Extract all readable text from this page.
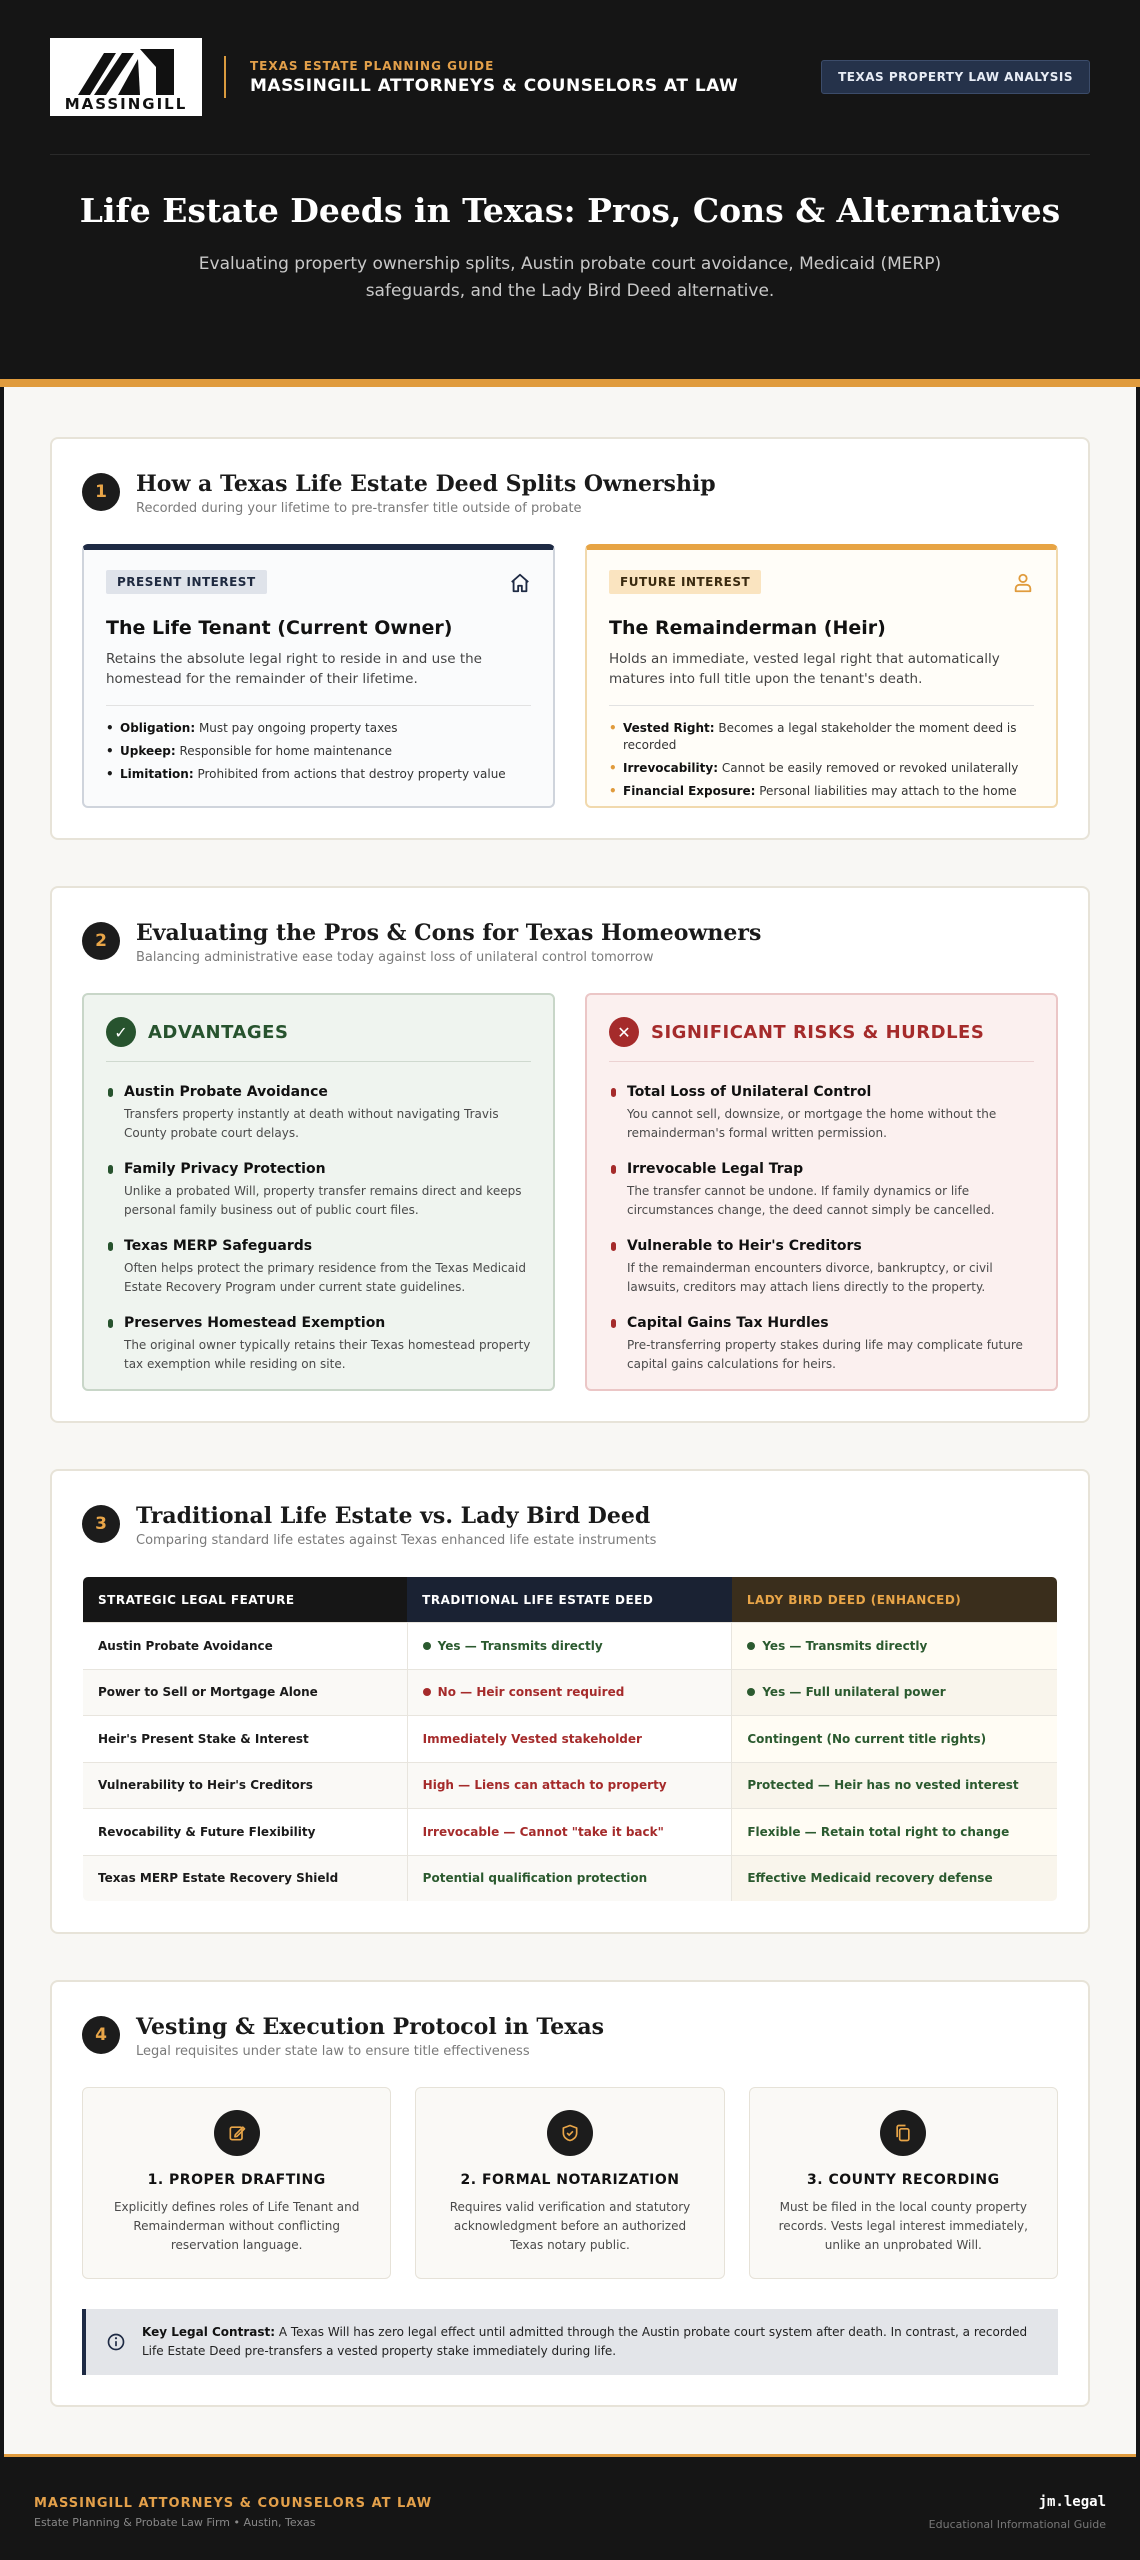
MASSINGILL
TEXAS ESTATE PLANNING GUIDE
MASSINGILL ATTORNEYS & COUNSELORS AT LAW	TEXAS PROPERTY LAW ANALYSIS
Life Estate Deeds in Texas: Pros, Cons & Alternatives

Evaluating property ownership splits, Austin probate court avoidance, Medicaid (MERP) safeguards, and the Lady Bird Deed alternative.

1	How a Texas Life Estate Deed Splits Ownership
Recorded during your lifetime to pre-transfer title outside of probate
PRESENT INTEREST
The Life Tenant (Current Owner)

Retains the absolute legal right to reside in and use the homestead for the remainder of their lifetime.

• Obligation: Must pay ongoing property taxes
• Upkeep: Responsible for home maintenance
• Limitation: Prohibited from actions that destroy property value
FUTURE INTEREST
The Remainderman (Heir)

Holds an immediate, vested legal right that automatically matures into full title upon the tenant's death.

• Vested Right: Becomes a legal stakeholder the moment deed is recorded
• Irrevocability: Cannot be easily removed or revoked unilaterally
• Financial Exposure: Personal liabilities may attach to the home
2	Evaluating the Pros & Cons for Texas Homeowners
Balancing administrative ease today against loss of unilateral control tomorrow
✓	ADVANTAGES
Austin Probate Avoidance

Transfers property instantly at death without navigating Travis County probate court delays.

Family Privacy Protection

Unlike a probated Will, property transfer remains direct and keeps personal family business out of public court files.

Texas MERP Safeguards

Often helps protect the primary residence from the Texas Medicaid Estate Recovery Program under current state guidelines.

Preserves Homestead Exemption

The original owner typically retains their Texas homestead property tax exemption while residing on site.

✕	SIGNIFICANT RISKS & HURDLES
Total Loss of Unilateral Control

You cannot sell, downsize, or mortgage the home without the remainderman's formal written permission.

Irrevocable Legal Trap

The transfer cannot be undone. If family dynamics or life circumstances change, the deed cannot simply be cancelled.

Vulnerable to Heir's Creditors

If the remainderman encounters divorce, bankruptcy, or civil lawsuits, creditors may attach liens directly to the property.

Capital Gains Tax Hurdles

Pre-transferring property stakes during life may complicate future capital gains calculations for heirs.

3	Traditional Life Estate vs. Lady Bird Deed
Comparing standard life estates against Texas enhanced life estate instruments
STRATEGIC LEGAL FEATURE	TRADITIONAL LIFE ESTATE DEED	LADY BIRD DEED (ENHANCED)
Austin Probate Avoidance	Yes — Transmits directly	Yes — Transmits directly
Power to Sell or Mortgage Alone	No — Heir consent required	Yes — Full unilateral power
Heir's Present Stake & Interest	Immediately Vested stakeholder	Contingent (No current title rights)
Vulnerability to Heir's Creditors	High — Liens can attach to property	Protected — Heir has no vested interest
Revocability & Future Flexibility	Irrevocable — Cannot "take it back"	Flexible — Retain total right to change
Texas MERP Estate Recovery Shield	Potential qualification protection	Effective Medicaid recovery defense
4	Vesting & Execution Protocol in Texas
Legal requisites under state law to ensure title effectiveness
1. PROPER DRAFTING

Explicitly defines roles of Life Tenant and Remainderman without conflicting reservation language.

2. FORMAL NOTARIZATION

Requires valid verification and statutory acknowledgment before an authorized Texas notary public.

3. COUNTY RECORDING

Must be filed in the local county property records. Vests legal interest immediately, unlike an unprobated Will.

Key Legal Contrast: A Texas Will has zero legal effect until admitted through the Austin probate court system after death. In contrast, a recorded Life Estate Deed pre-transfers a vested property stake immediately during life.

MASSINGILL ATTORNEYS & COUNSELORS AT LAW
Estate Planning & Probate Law Firm • Austin, Texas
jm.legal
Educational Informational Guide
